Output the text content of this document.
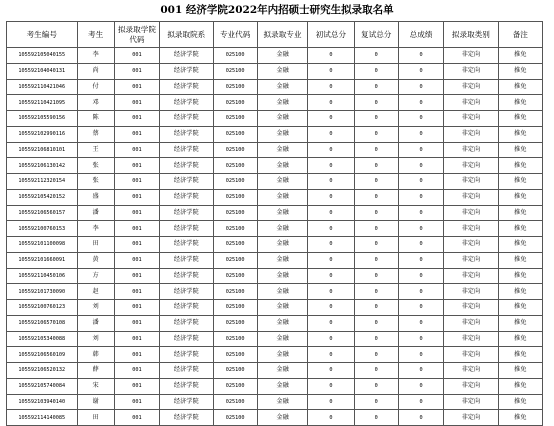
001 经济学院2022年内招硕士研究生拟录取名单
考生编号	考生	拟录取学院代码	拟录取院系	专业代码	拟录取专业	初试总分	复试总分	总成绩	拟录取类别	备注
105592105040155	李	001	经济学院	025100	金融	0	0	0	非定向	推免
105592104040131	尚	001	经济学院	025100	金融	0	0	0	非定向	推免
105592110421046	付	001	经济学院	025100	金融	0	0	0	非定向	推免
105592110421095	邓	001	经济学院	025100	金融	0	0	0	非定向	推免
105592105590156	陈	001	经济学院	025100	金融	0	0	0	非定向	推免
105592102990116	蔡	001	经济学院	025100	金融	0	0	0	非定向	推免
105592106810101	王	001	经济学院	025100	金融	0	0	0	非定向	推免
105592106130142	张	001	经济学院	025100	金融	0	0	0	非定向	推免
105592112320154	张	001	经济学院	025100	金融	0	0	0	非定向	推免
105592105420152	盛	001	经济学院	025100	金融	0	0	0	非定向	推免
105592106560157	潘	001	经济学院	025100	金融	0	0	0	非定向	推免
105592100760153	李	001	经济学院	025100	金融	0	0	0	非定向	推免
105592101100098	田	001	经济学院	025100	金融	0	0	0	非定向	推免
105592101660091	黄	001	经济学院	025100	金融	0	0	0	非定向	推免
105592110450106	方	001	经济学院	025100	金融	0	0	0	非定向	推免
105592101730090	赵	001	经济学院	025100	金融	0	0	0	非定向	推免
105592100760123	刘	001	经济学院	025100	金融	0	0	0	非定向	推免
105592106570108	潘	001	经济学院	025100	金融	0	0	0	非定向	推免
105592105340088	刘	001	经济学院	025100	金融	0	0	0	非定向	推免
105592106560109	韩	001	经济学院	025100	金融	0	0	0	非定向	推免
105592106520132	薛	001	经济学院	025100	金融	0	0	0	非定向	推免
105592105740084	宋	001	经济学院	025100	金融	0	0	0	非定向	推免
105592103940140	谢	001	经济学院	025100	金融	0	0	0	非定向	推免
105592114140085	田	001	经济学院	025100	金融	0	0	0	非定向	推免
